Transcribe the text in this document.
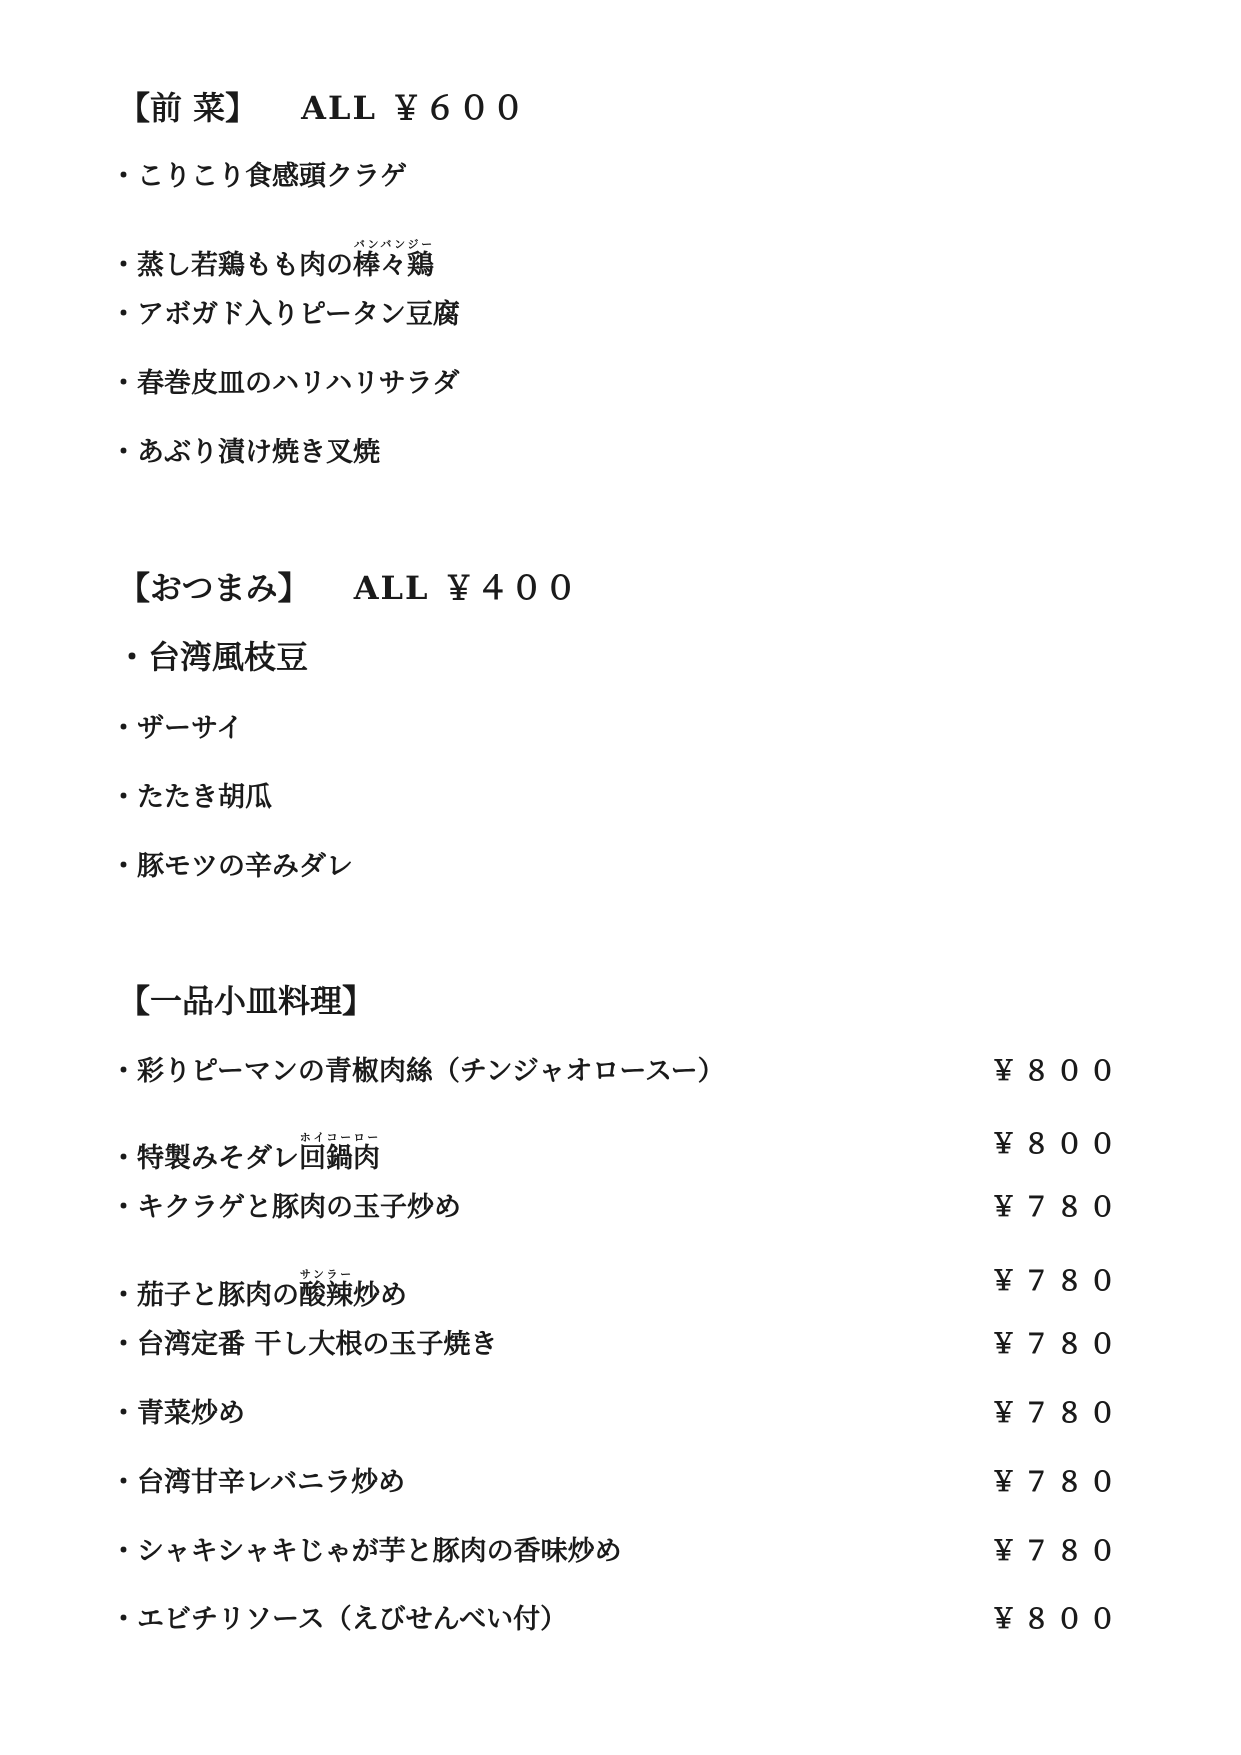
【前 菜】 ALL ￥６００
・こりこり食感頭クラゲ
・蒸し若鶏もも肉の棒々鶏バンバンジー
・アボガド入りピータン豆腐
・春巻皮皿のハリハリサラダ
・あぶり漬け焼き叉焼
【おつまみ】 ALL ￥４００
・台湾風枝豆
・ザーサイ
・たたき胡瓜
・豚モツの辛みダレ
【一品小皿料理】
・彩りピーマンの青椒肉絲（チンジャオロースー）	￥８００
・特製みそダレ回鍋肉ホイコーロー	￥８００
・キクラゲと豚肉の玉子炒め	￥７８０
・茄子と豚肉の酸辣サンラー炒め	￥７８０
・台湾定番 干し大根の玉子焼き	￥７８０
・青菜炒め	￥７８０
・台湾甘辛レバニラ炒め	￥７８０
・シャキシャキじゃが芋と豚肉の香味炒め	￥７８０
・エビチリソース（えびせんべい付）	￥８００
